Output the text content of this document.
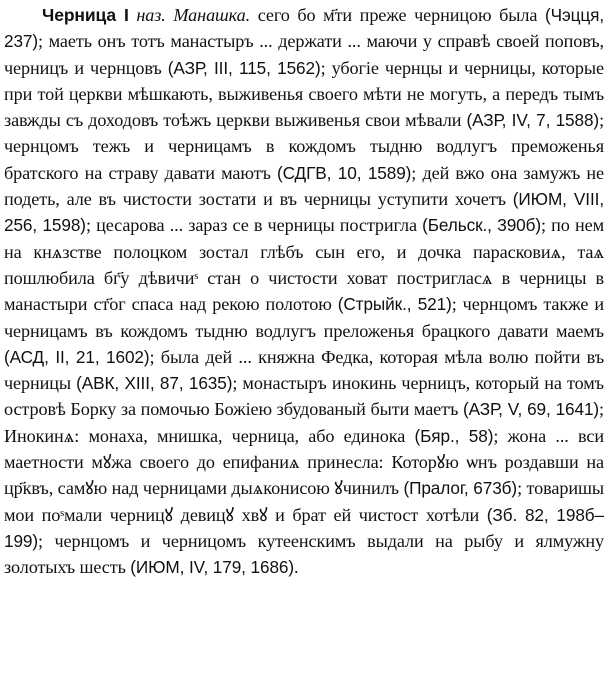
Черница I наз. Манашка. сего бо м҃ти преже черницою была (Чэцця, 237); маеть онъ тотъ манастыръ ... держати ... маючи у справѣ своей поповъ, черницъ и чернцовъ (АЗР, III, 115, 1562); убогіе чернцы и черницы, которые при той церкви мѣшкають, выживенья своего мѣти не могуть, а передъ тымъ завжды съ доходовъ тоѣжъ церкви выживенья свои мѣвали (АЗР, IV, 7, 1588); чернцомъ тежъ и черницамъ в кождомъ тыдню водлугъ преможенья братского на страву давати маютъ (СДГВ, 10, 1589); дей вжо она замужъ не подеть, але въ чистости зостати и въ черницы уступити хочетъ (ИЮМ, VIII, 256, 1598); цесарова ... зараз се в черницы постригла (Бельск., 390б); по нем на кнѧзстве полоцком зостал глѣбъ сын его, и дочка парасковиѧ, таѧ пошлюбила бг҃у дѣвичиˢ стан о чистости хова͏т постригласѧ в черницы в манастыри ст҃ог спаса над рекою полотою (Стрыйк., 521); чернцомъ также и черницамъ въ кождомъ тыдню водлугъ преложенья брацкого давати маемъ (АСД, II, 21, 1602); была дей ... княжна Федка, которая мѣла волю пойти въ черницы (АВК, XIII, 87, 1635); монастыръ инокинь черницъ, который на томъ островѣ Борку за помочью Божіею збудованый быти маетъ (АЗР, V, 69, 1641); Инокинѧ: монаха, мнишка, черница, або единока (Бяр., 58); жона ... вси маетности мꙋжа своего до епифаниѧ принесла: Которꙋю ѡнъ роздавши на цр҃квъ, самꙋю на͏д черницами дыѧконисою ꙋчинилъ (Пралог, 673б); товаришы мои поˢмали черницꙋ девицꙋ хвꙋ и брат ей чистост хотѣли (Зб. 82, 198б–199); чернцомъ и черницомъ кутеенскимъ выдали на рыбу и ялмужну золотыхъ шесть (ИЮМ, IV, 179, 1686).
